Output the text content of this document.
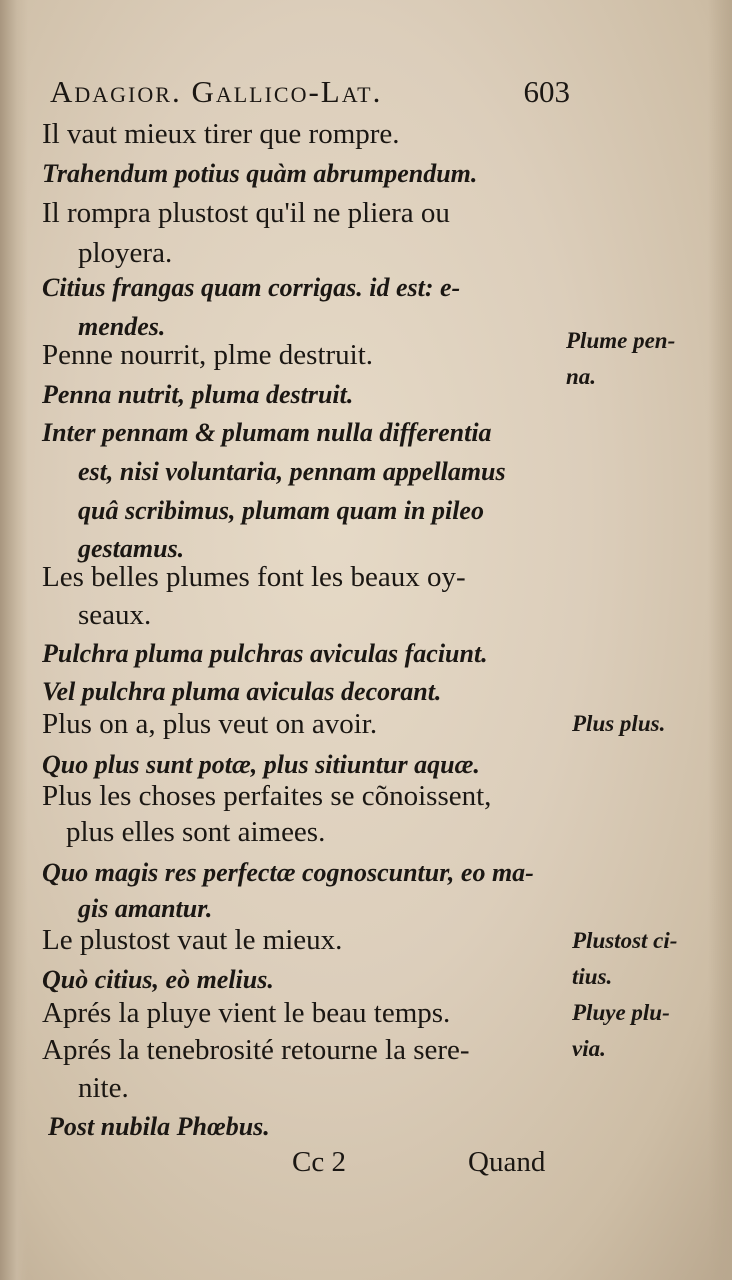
Adagior. Gallico-Lat.	603
Il vaut mieux tirer que rompre.
Trahendum potius quàm abrumpendum.
Il rompra plustost qu'il ne pliera ou
ployera.
Citius frangas quam corrigas. id est: e-
mendes.
Penne nourrit, plme destruit.
Penna nutrit, pluma destruit.
Inter pennam & plumam nulla differentia
est, nisi voluntaria, pennam appellamus
quâ scribimus, plumam quam in pileo
gestamus.
Les belles plumes font les beaux oy-
seaux.
Pulchra pluma pulchras aviculas faciunt.
Vel pulchra pluma aviculas decorant.
Plus on a, plus veut on avoir.
Quo plus sunt potæ, plus sitiuntur aquæ.
Plus les choses perfaites se cõnoissent,
plus elles sont aimees.
Quo magis res perfectæ cognoscuntur, eo ma-
gis amantur.
Le plustost vaut le mieux.
Quò citius, eò melius.
Aprés la pluye vient le beau temps.
Aprés la tenebrosité retourne la sere-
nite.
Post nubila Phœbus.
Plume pen-
na.
Plus plus.
Plustost ci-
tius.
Pluye plu-
via.
Cc 2	Quand
